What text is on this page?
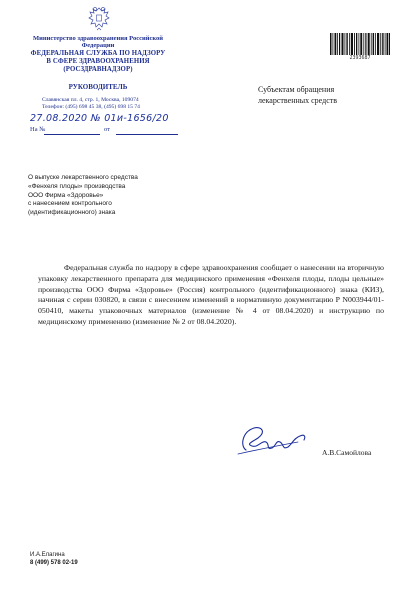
Министерство здравоохранения Российской Федерации
ФЕДЕРАЛЬНАЯ СЛУЖБА ПО НАДЗОРУ
В СФЕРЕ ЗДРАВООХРАНЕНИЯ
(РОСЗДРАВНАДЗОР)
РУКОВОДИТЕЛЬ
Славянская пл. 4, стр. 1, Москва, 109074
Телефон: (495) 698 45 38, (495) 698 15 74
27.08.2020 № 01и-1656/20
На №	от
2393687
Субъектам обращения
лекарственных средств
О выпуске лекарственного средства
«Фенхеля плоды» производства
ООО Фирма «Здоровье»
с нанесением контрольного
(идентификационного) знака
Федеральная служба по надзору в сфере здравоохранения сообщает о нанесении на вторичную упаковку лекарственного препарата для медицинского применения «Фенхеля плоды, плоды цельные» производства ООО Фирма «Здоровье» (Россия) контрольного (идентификационного) знака (КИЗ), начиная с серии 030820, в связи с внесением изменений в нормативную документацию Р N003944/01-050410, макеты упаковочных материалов (изменение № 4 от 08.04.2020) и инструкцию по медицинскому применению (изменение № 2 от 08.04.2020).
А.В.Самойлова
И.А.Елагина
8 (499) 578 02-19
